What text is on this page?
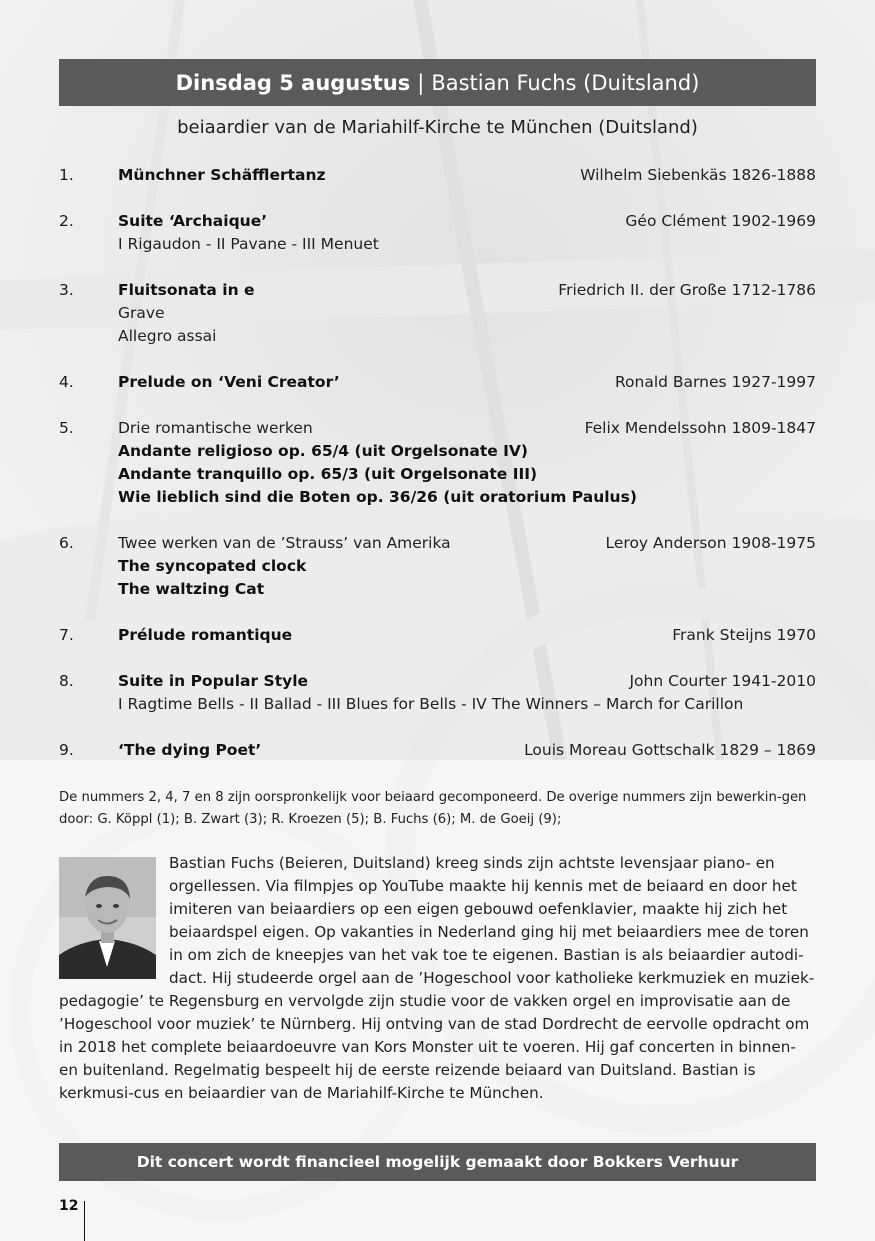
Dinsdag 5 augustus | Bastian Fuchs (Duitsland)
beiaardier van de Mariahilf-Kirche te München (Duitsland)
1.	Münchner Schäfflertanz	Wilhelm Siebenkäs 1826-1888
2.	Suite ‘Archaique’	Géo Clément 1902-1969
I Rigaudon - II Pavane - III Menuet
3.	Fluitsonata in e	Friedrich II. der Große 1712-1786
Grave
Allegro assai
4.	Prelude on ‘Veni Creator’	Ronald Barnes 1927-1997
5.	Drie romantische werken	Felix Mendelssohn 1809-1847
Andante religioso op. 65/4 (uit Orgelsonate IV)
Andante tranquillo op. 65/3 (uit Orgelsonate III)
Wie lieblich sind die Boten op. 36/26 (uit oratorium Paulus)
6.	Twee werken van de ’Strauss’ van Amerika	Leroy Anderson 1908-1975
The syncopated clock
The waltzing Cat
7.	Prélude romantique	Frank Steijns 1970
8.	Suite in Popular Style	John Courter 1941-2010
I Ragtime Bells - II Ballad - III Blues for Bells - IV The Winners – March for Carillon
9.	‘The dying Poet’	Louis Moreau Gottschalk 1829 – 1869
De nummers 2, 4, 7 en 8 zijn oorspronkelijk voor beiaard gecomponeerd. De overige nummers zijn bewerkin-gen door: G. Köppl (1); B. Zwart (3); R. Kroezen (5); B. Fuchs (6); M. de Goeij (9);
Bastian Fuchs (Beieren, Duitsland) kreeg sinds zijn achtste levensjaar piano- en orgellessen. Via filmpjes op YouTube maakte hij kennis met de beiaard en door het imiteren van beiaardiers op een eigen gebouwd oefenklavier, maakte hij zich het beiaardspel eigen. Op vakanties in Nederland ging hij met beiaardiers mee de toren in om zich de kneepjes van het vak toe te eigenen. Bastian is als beiaardier autodi-dact. Hij studeerde orgel aan de ’Hogeschool voor katholieke kerkmuziek en muziek-pedagogie’ te Regensburg en vervolgde zijn studie voor de vakken orgel en improvisatie aan de ’Hogeschool voor muziek’ te Nürnberg. Hij ontving van de stad Dordrecht de eervolle opdracht om in 2018 het complete beiaardoeuvre van Kors Monster uit te voeren. Hij gaf concerten in binnen- en buitenland. Regelmatig bespeelt hij de eerste reizende beiaard van Duitsland. Bastian is kerkmusi-cus en beiaardier van de Mariahilf-Kirche te München.
Dit concert wordt financieel mogelijk gemaakt door Bokkers Verhuur
12
